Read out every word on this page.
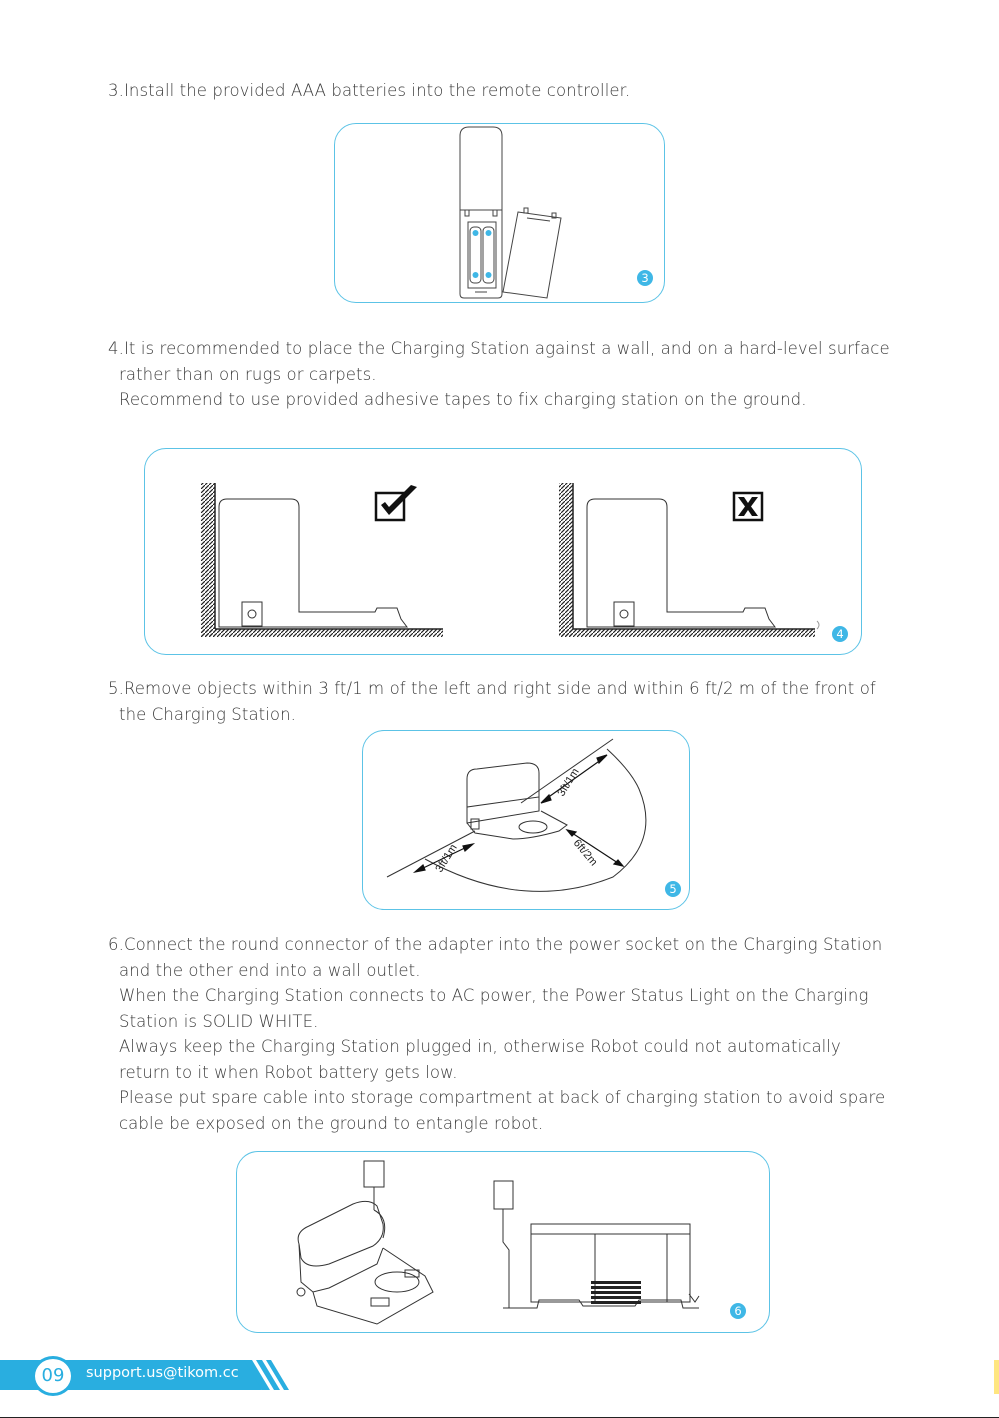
3.Install the provided AAA batteries into the remote controller.
3
4.It is recommended to place the Charging Station against a wall, and on a hard-level surface
rather than on rugs or carpets.
Recommend to use provided adhesive tapes to fix charging station on the ground.
4
5.Remove objects within 3 ft/1 m of the left and right side and within 6 ft/2 m of the front of
the Charging Station.
3ft/1m
3ft/1m	6ft/2m
5
6.Connect the round connector of the adapter into the power socket on the Charging Station
and the other end into a wall outlet.
When the Charging Station connects to AC power, the Power Status Light on the Charging
Station is SOLID WHITE.
Always keep the Charging Station plugged in, otherwise Robot could not automatically
return to it when Robot battery gets low.
Please put spare cable into storage compartment at back of charging station to avoid spare
cable be exposed on the ground to entangle robot.
6
09	support.us@tikom.cc
